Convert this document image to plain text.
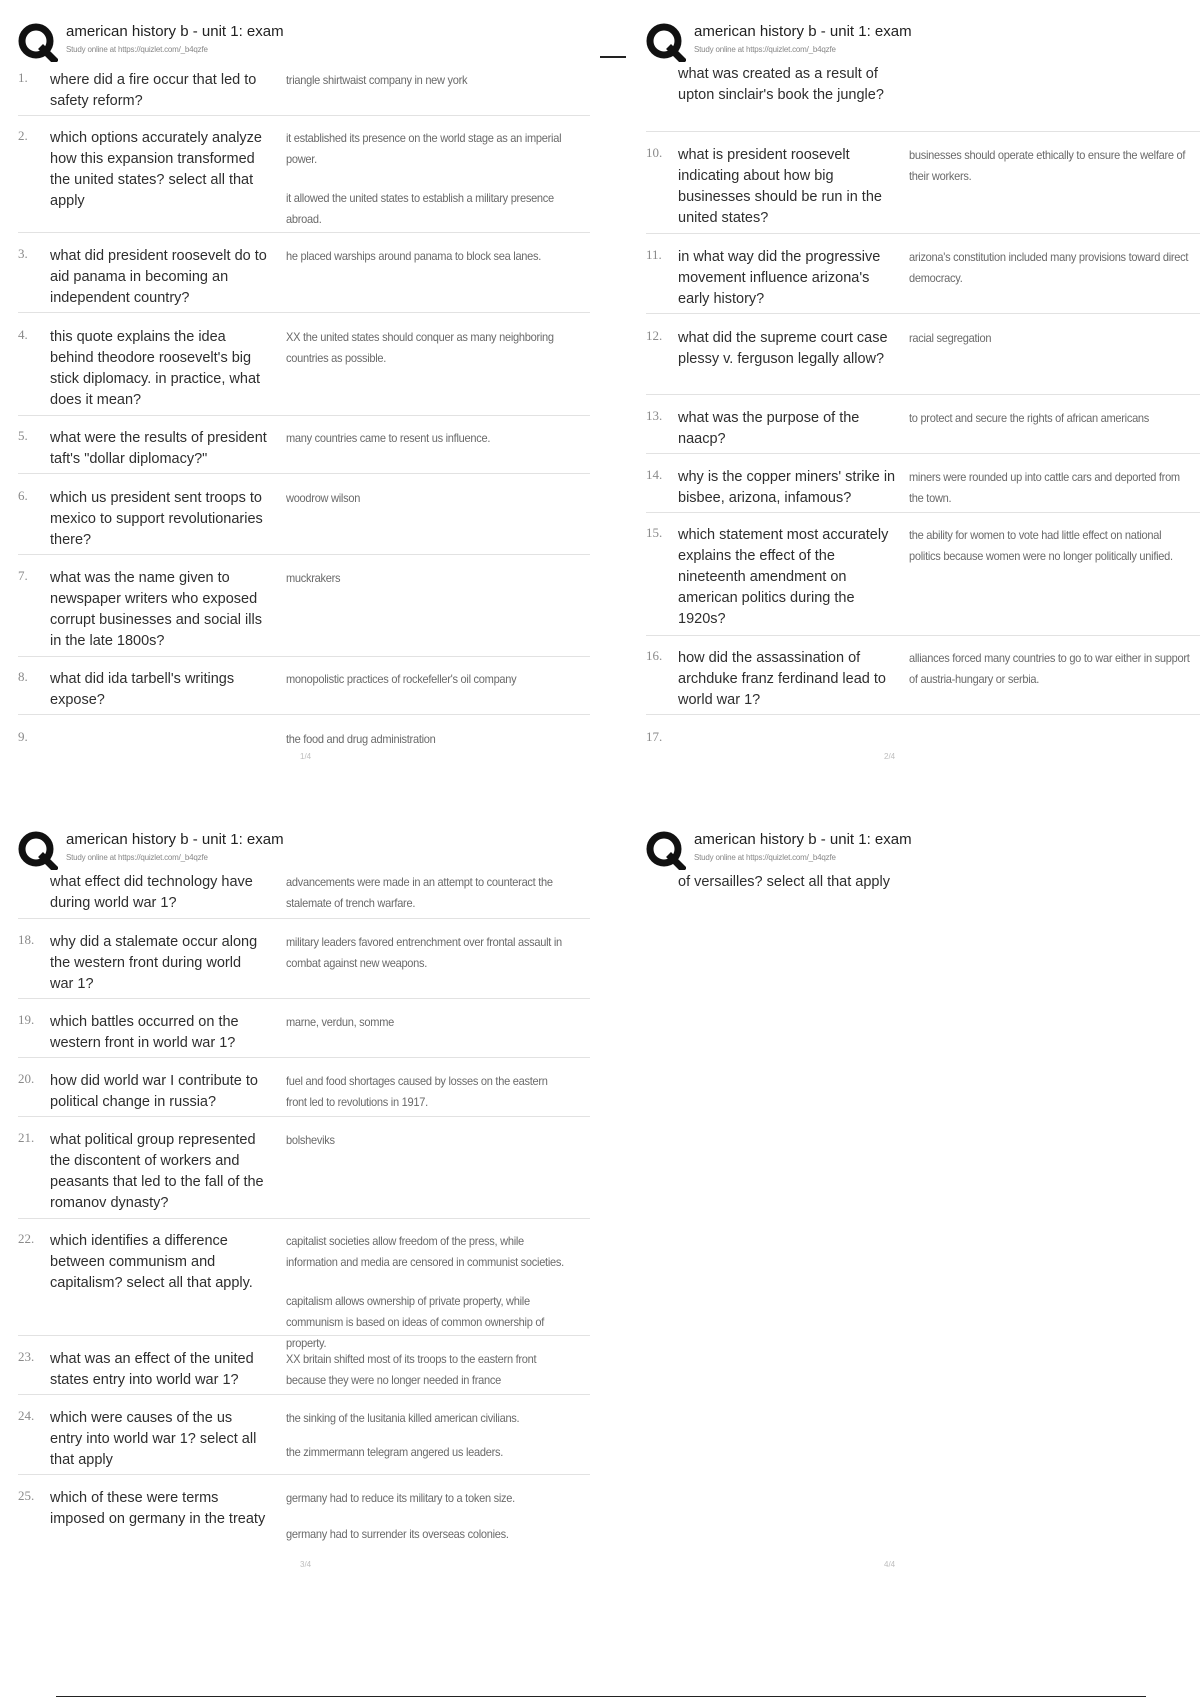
american history b - unit 1: exam
Study online at https://quizlet.com/_b4qzfe
1.	where did a fire occur that led to safety reform?
triangle shirtwaist company in new york
2.	which options accurately analyze how this expansion transformed the united states? select all that apply
it established its presence on the world stage as an imperial power.
it allowed the united states to establish a military presence abroad.
3.	what did president roosevelt do to aid panama in becoming an independent country?
he placed warships around panama to block sea lanes.
4.	this quote explains the idea behind theodore roosevelt's big stick diplomacy. in practice, what does it mean?
XX the united states should conquer as many neighboring countries as possible.
5.	what were the results of president taft's "dollar diplomacy?"
many countries came to resent us influence.
6.	which us president sent troops to mexico to support revolutionaries there?
woodrow wilson
7.	what was the name given to newspaper writers who exposed corrupt businesses and social ills in the late 1800s?
muckrakers
8.	what did ida tarbell's writings expose?
monopolistic practices of rockefeller's oil company
9.	the food and drug administration
1/4
american history b - unit 1: exam
Study online at https://quizlet.com/_b4qzfe
what was created as a result of upton sinclair's book the jungle?
10.	what is president roosevelt indicating about how big businesses should be run in the united states?
businesses should operate ethically to ensure the welfare of their workers.
11.	in what way did the progressive movement influence arizona's early history?
arizona's constitution included many provisions toward direct democracy.
12.	what did the supreme court case plessy v. ferguson legally allow?
racial segregation
13.	what was the purpose of the naacp?
to protect and secure the rights of african americans
14.	why is the copper miners' strike in bisbee, arizona, infamous?
miners were rounded up into cattle cars and deported from the town.
15.	which statement most accurately explains the effect of the nineteenth amendment on american politics during the 1920s?
the ability for women to vote had little effect on national politics because women were no longer politically unified.
16.	how did the assassination of archduke franz ferdinand lead to world war 1?
alliances forced many countries to go to war either in support of austria-hungary or serbia.
17.
2/4
american history b - unit 1: exam
Study online at https://quizlet.com/_b4qzfe
what effect did technology have during world war 1?
advancements were made in an attempt to counteract the stalemate of trench warfare.
18.	why did a stalemate occur along the western front during world war 1?
military leaders favored entrenchment over frontal assault in combat against new weapons.
19.	which battles occurred on the western front in world war 1?
marne, verdun, somme
20.	how did world war I contribute to political change in russia?
fuel and food shortages caused by losses on the eastern front led to revolutions in 1917.
21.	what political group represented the discontent of workers and peasants that led to the fall of the romanov dynasty?
bolsheviks
22.	which identifies a difference between communism and capitalism? select all that apply.
capitalist societies allow freedom of the press, while information and media are censored in communist societies.
capitalism allows ownership of private property, while communism is based on ideas of common ownership of property.
23.	what was an effect of the united states entry into world war 1?
XX britain shifted most of its troops to the eastern front because they were no longer needed in france
24.	which were causes of the us entry into world war 1? select all that apply
the sinking of the lusitania killed american civilians.
the zimmermann telegram angered us leaders.
25.	which of these were terms imposed on germany in the treaty
germany had to reduce its military to a token size.
germany had to surrender its overseas colonies.
3/4
american history b - unit 1: exam
Study online at https://quizlet.com/_b4qzfe
of versailles? select all that apply
4/4
